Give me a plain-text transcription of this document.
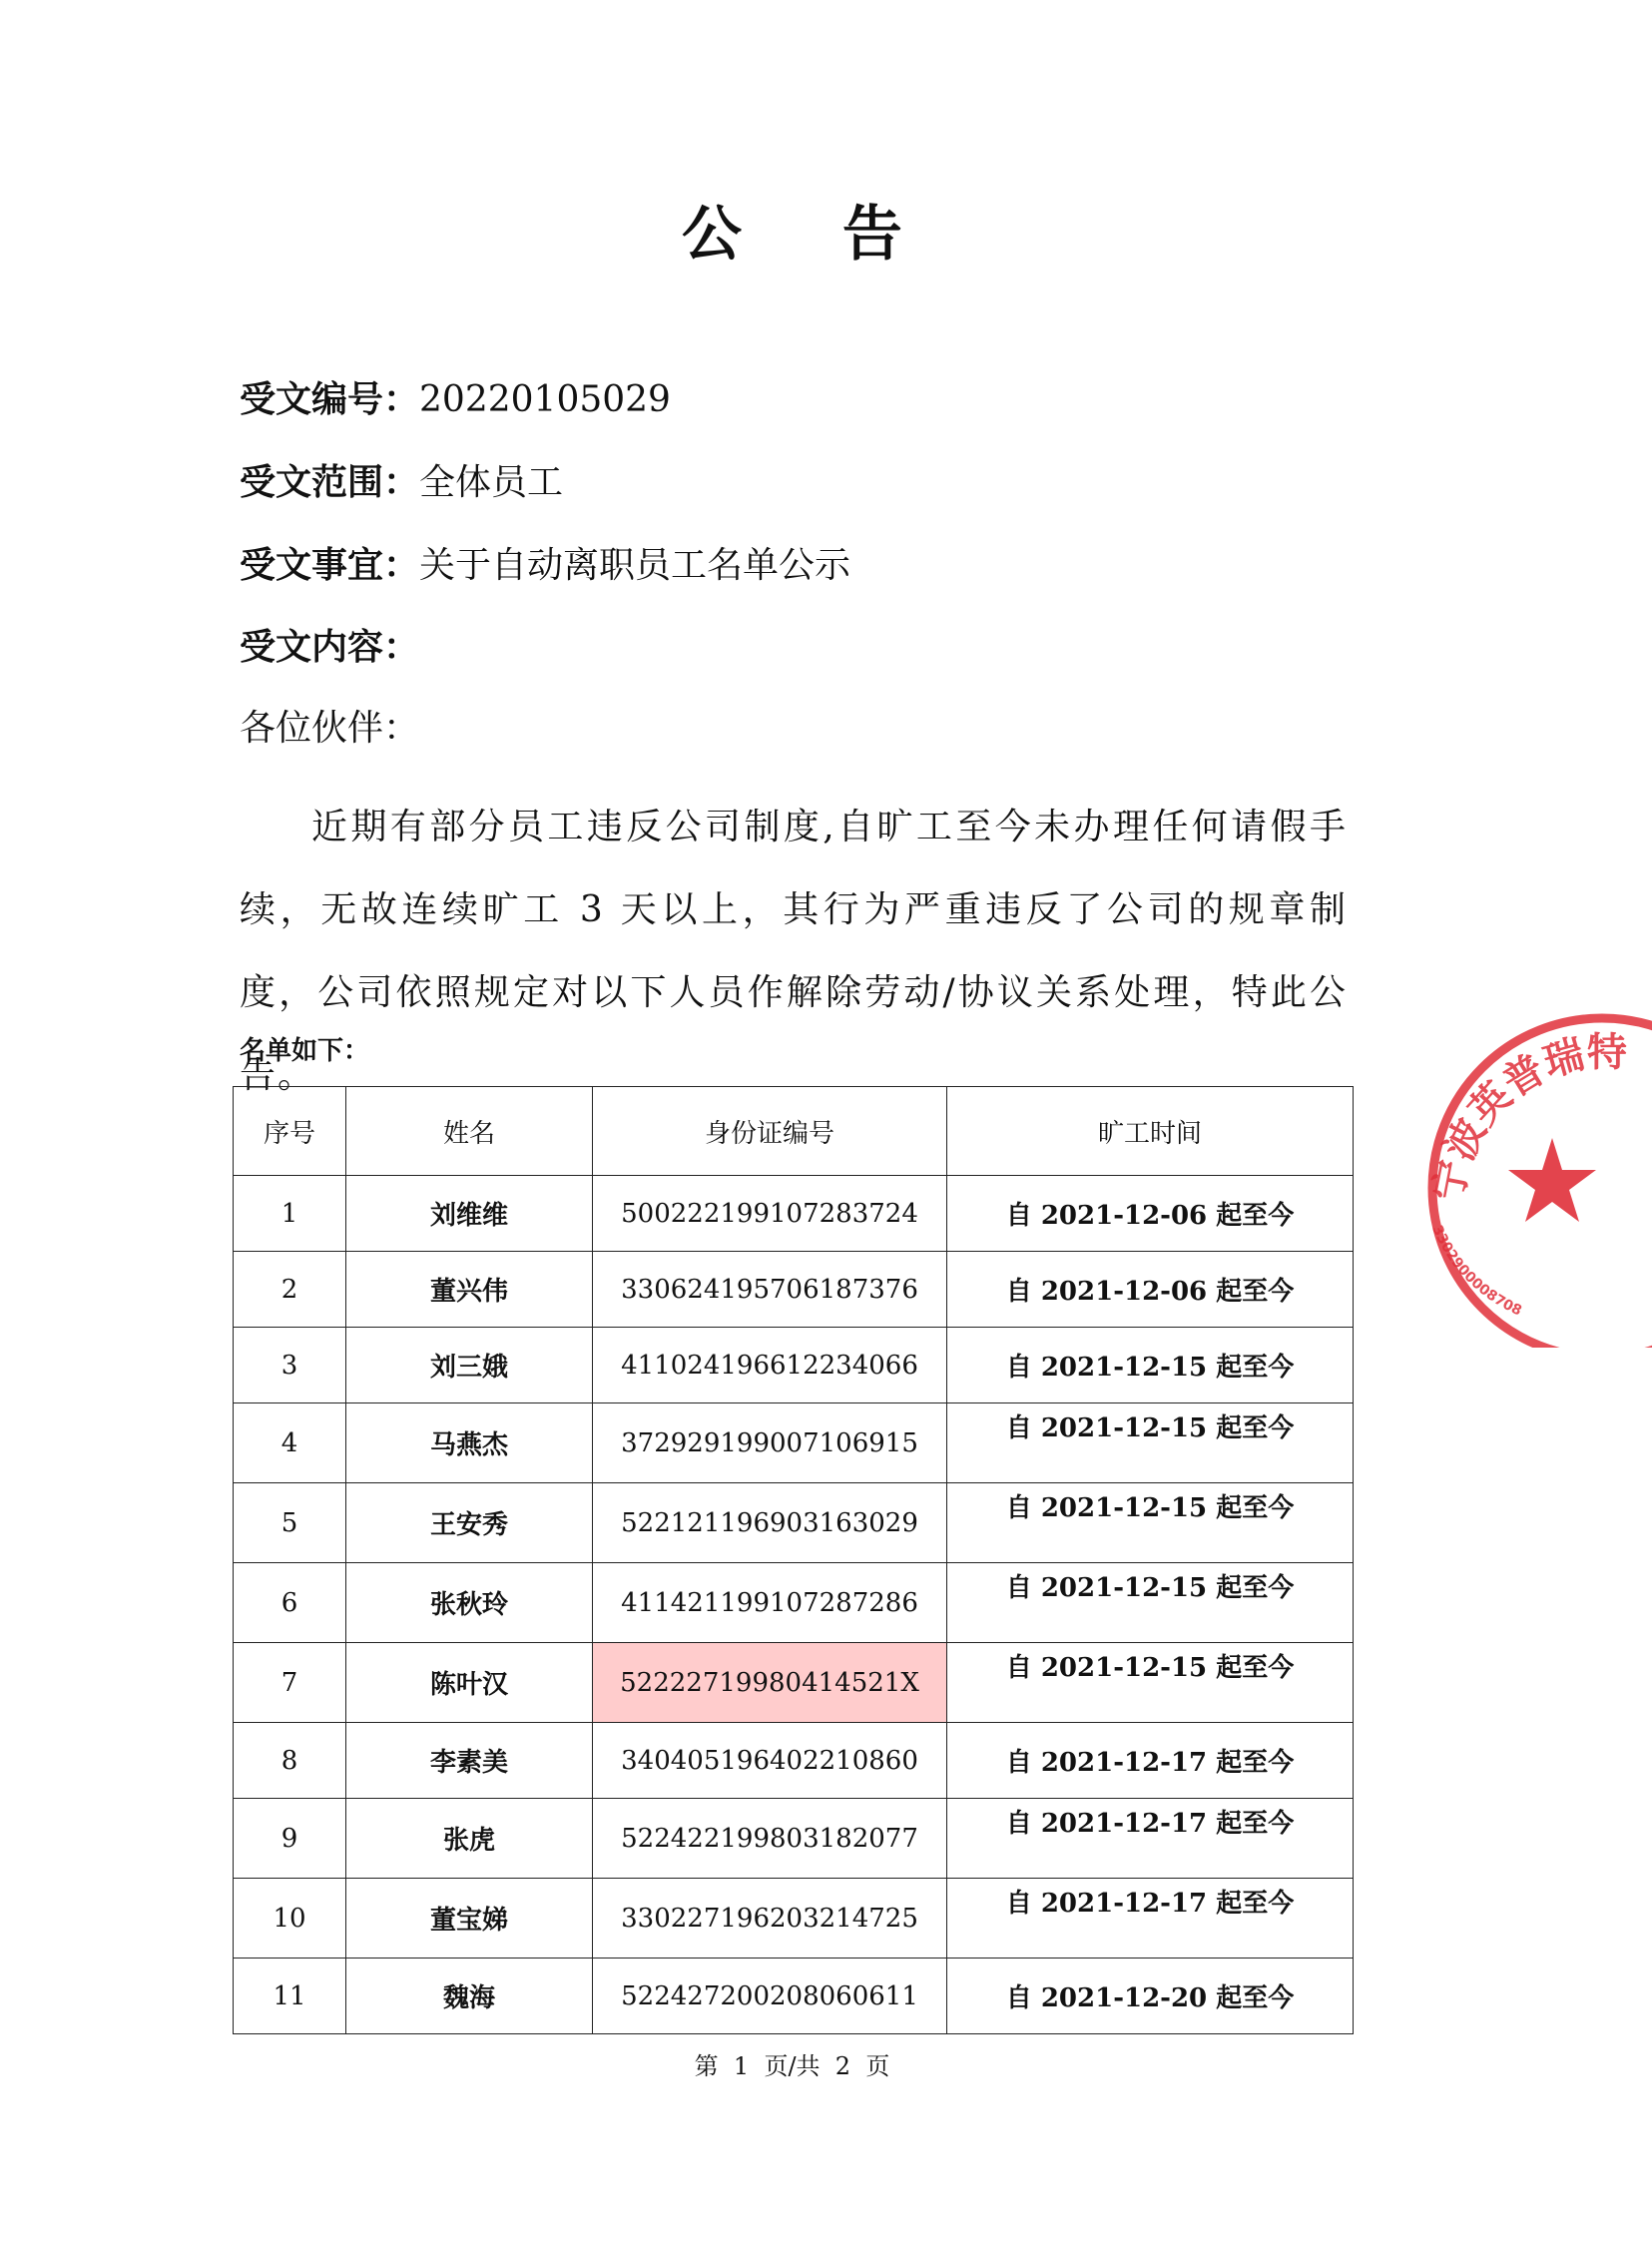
公 告
受文编号：20220105029
受文范围：全体员工
受文事宜：关于自动离职员工名单公示
受文内容：
各位伙伴：
近期有部分员工违反公司制度,自旷工至今未办理任何请假手续，无故连续旷工 3 天以上，其行为严重违反了公司的规章制度，公司依照规定对以下人员作解除劳动/协议关系处理，特此公告。
名单如下：
序号	姓名	身份证编号	旷工时间
1	刘维维	500222199107283724	自 2021-12-06 起至今
2	董兴伟	330624195706187376	自 2021-12-06 起至今
3	刘三娥	411024196612234066	自 2021-12-15 起至今
4	马燕杰	372929199007106915	自 2021-12-15 起至今
5	王安秀	522121196903163029	自 2021-12-15 起至今
6	张秋玲	411421199107287286	自 2021-12-15 起至今
7	陈叶汉	52222719980414521X	自 2021-12-15 起至今
8	李素美	340405196402210860	自 2021-12-17 起至今
9	张虎	522422199803182077	自 2021-12-17 起至今
10	董宝娣	330227196203214725	自 2021-12-17 起至今
11	魏海	522427200208060611	自 2021-12-20 起至今
第  1  页/共  2  页
宁波英普瑞特
3302900008708
